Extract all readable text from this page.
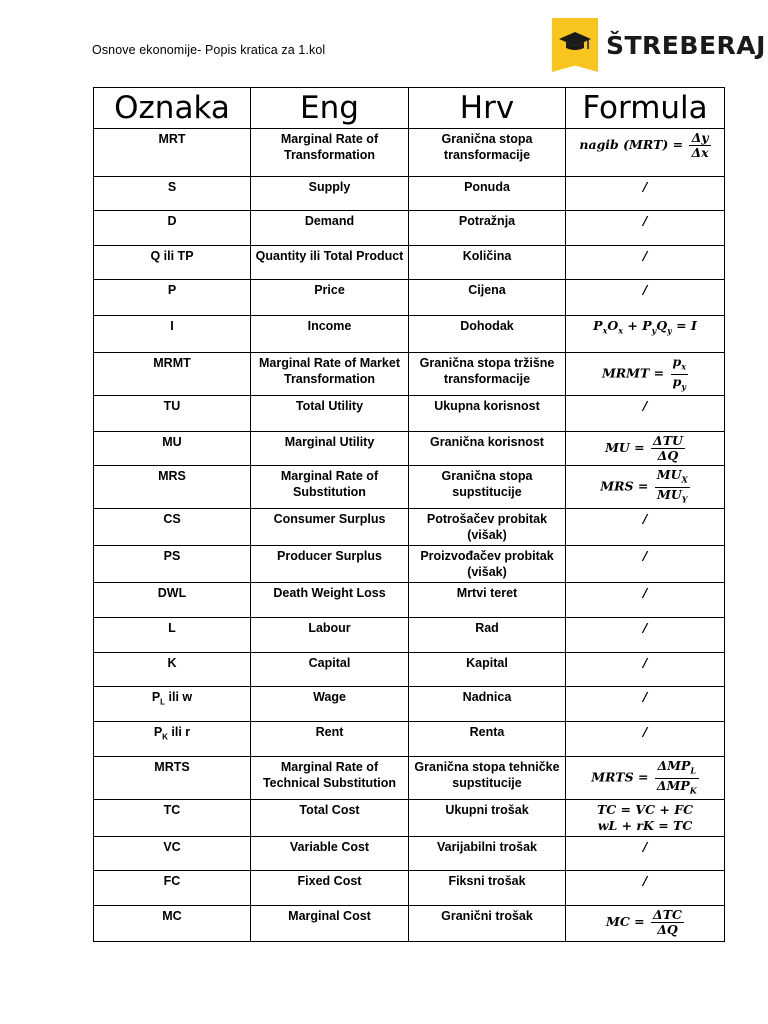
Osnove ekonomije- Popis kratica za 1.kol	ŠTREBERAJ
Oznaka	Eng	Hrv	Formula
MRT	Marginal Rate of Transformation	Granična stopa transformacije	nagib $(MRT) = \frac{\Delta y}{\Delta x}$

S	Supply	Ponuda	/
D	Demand	Potražnja	/
Q ili TP	Quantity ili Total Product	Količina	/
P	Price	Cijena	/
I	Income	Dohodak	$P_xO_x + P_yQ_y = I$
MRMT	Marginal Rate of Market Transformation	Granična stopa tržišne transformacije	MRMT = $\frac{p_x}{p_y}$

TU	Total Utility	Ukupna korisnost	/
MU	Marginal Utility	Granična korisnost	MU = $\frac{\text{ΔTU}}{\Delta Q}$

MRS	Marginal Rate of Substitution	Granična stopa supstitucije	MRS = $\frac{MU_X}{MU_Y}$

CS	Consumer Surplus	Potrošačev probitak (višak)	/
PS	Producer Surplus	Proizvođačev probitak (višak)	/
DWL	Death Weight Loss	Mrtvi teret	/
L	Labour	Rad	/
K	Capital	Kapital	/
$P_L$ ili w	Wage	Nadnica	/
$P_K$ ili r	Rent	Renta	/
MRTS	Marginal Rate of Technical Substitution	Granična stopa tehničke supstitucije	MRTS = $\frac{\Delta MP_L}{\Delta MP_K}$

TC	Total Cost	Ukupni trošak	TC = VC + FC
wL + rK = TC

VC	Variable Cost	Varijabilni trošak	/
FC	Fixed Cost	Fiksni trošak	/
MC	Marginal Cost	Granični trošak	MC = $\frac{\text{ΔTC}}{\Delta Q}$
